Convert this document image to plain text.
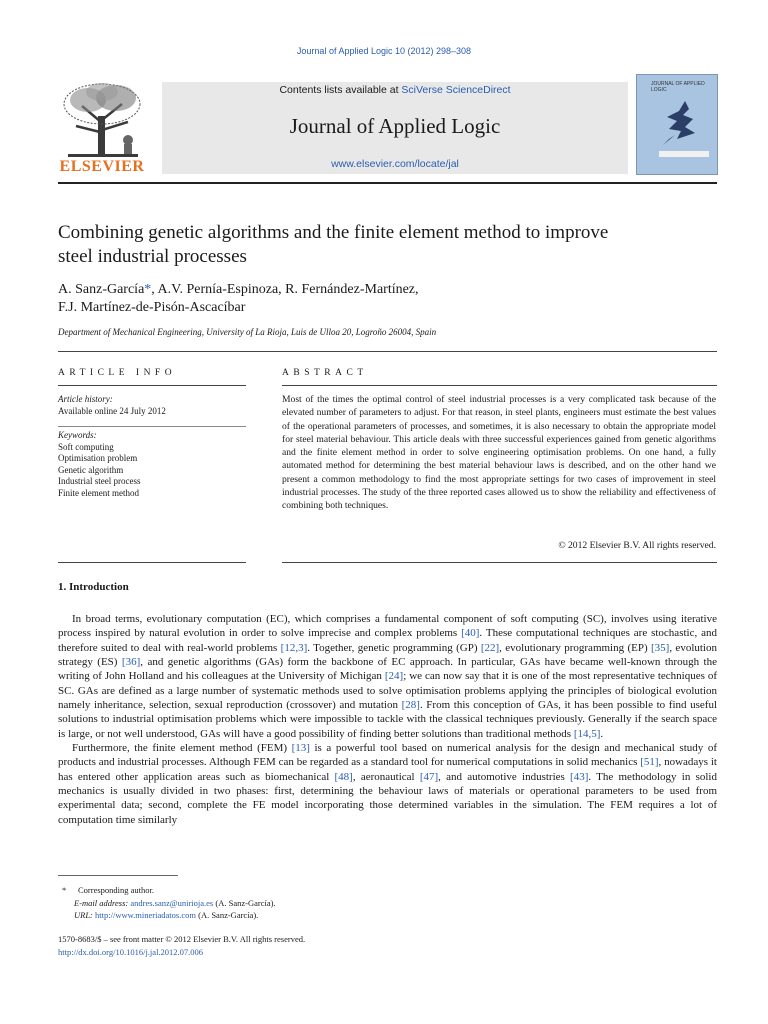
Journal of Applied Logic 10 (2012) 298–308
ELSEVIER
Contents lists available at SciVerse ScienceDirect
Journal of Applied Logic
www.elsevier.com/locate/jal
JOURNAL OF APPLIED LOGIC
Combining genetic algorithms and the finite element method to improve
steel industrial processes
A. Sanz-García*, A.V. Pernía-Espinoza, R. Fernández-Martínez,
F.J. Martínez-de-Pisón-Ascacíbar
Department of Mechanical Engineering, University of La Rioja, Luis de Ulloa 20, Logroño 26004, Spain
ARTICLE INFO
Article history:
Available online 24 July 2012
Keywords:
Soft computing
Optimisation problem
Genetic algorithm
Industrial steel process
Finite element method
ABSTRACT
Most of the times the optimal control of steel industrial processes is a very complicated task because of the elevated number of parameters to adjust. For that reason, in steel plants, engineers must estimate the best values of the operational parameters of processes, and sometimes, it is also necessary to obtain the appropriate model for steel material behaviour. This article deals with three successful experiences gained from genetic algorithms and the finite element method in order to solve engineering optimisation problems. On one hand, a fully automated method for determining the best material behaviour laws is described, and on the other hand we present a common methodology to find the most appropriate settings for two cases of improvement in steel industrial processes. The study of the three reported cases allowed us to show the reliability and effectiveness of combining both techniques.
© 2012 Elsevier B.V. All rights reserved.
1. Introduction

In broad terms, evolutionary computation (EC), which comprises a fundamental component of soft computing (SC), involves using iterative process inspired by natural evolution in order to solve imprecise and complex problems [40]. These computational techniques are stochastic, and therefore suited to deal with real-world problems [12,3]. Together, genetic programming (GP) [22], evolutionary programming (EP) [35], evolution strategy (ES) [36], and genetic algorithms (GAs) form the backbone of EC approach. In particular, GAs have became well-known through the writing of John Holland and his colleagues at the University of Michigan [24]; we can now say that it is one of the most representative techniques of SC. GAs are defined as a large number of systematic methods used to solve optimisation problems applying the principles of biological evolution namely inheritance, selection, sexual reproduction (crossover) and mutation [28]. From this conception of GAs, it has been possible to find useful solutions to industrial optimisation problems which were impossible to tackle with the classical techniques previously. Generally if the search space is large, or not well understood, GAs will have a good possibility of finding better solutions than traditional methods [14,5].

Furthermore, the finite element method (FEM) [13] is a powerful tool based on numerical analysis for the design and mechanical study of products and industrial processes. Although FEM can be regarded as a standard tool for numerical computations in solid mechanics [51], nowadays it has entered other application areas such as biomechanical [48], aeronautical [47], and automotive industries [43]. The methodology in solid mechanics is usually divided in two phases: first, determining the behaviour laws of materials or operational parameters to be used from experimental data; second, complete the FE model incorporating those determined variables in the simulation. The FEM requires a lot of computation time similarly

* Corresponding author.
E-mail address: andres.sanz@unirioja.es (A. Sanz-García).
URL: http://www.mineriadatos.com (A. Sanz-García).
1570-8683/$ – see front matter © 2012 Elsevier B.V. All rights reserved.
http://dx.doi.org/10.1016/j.jal.2012.07.006
